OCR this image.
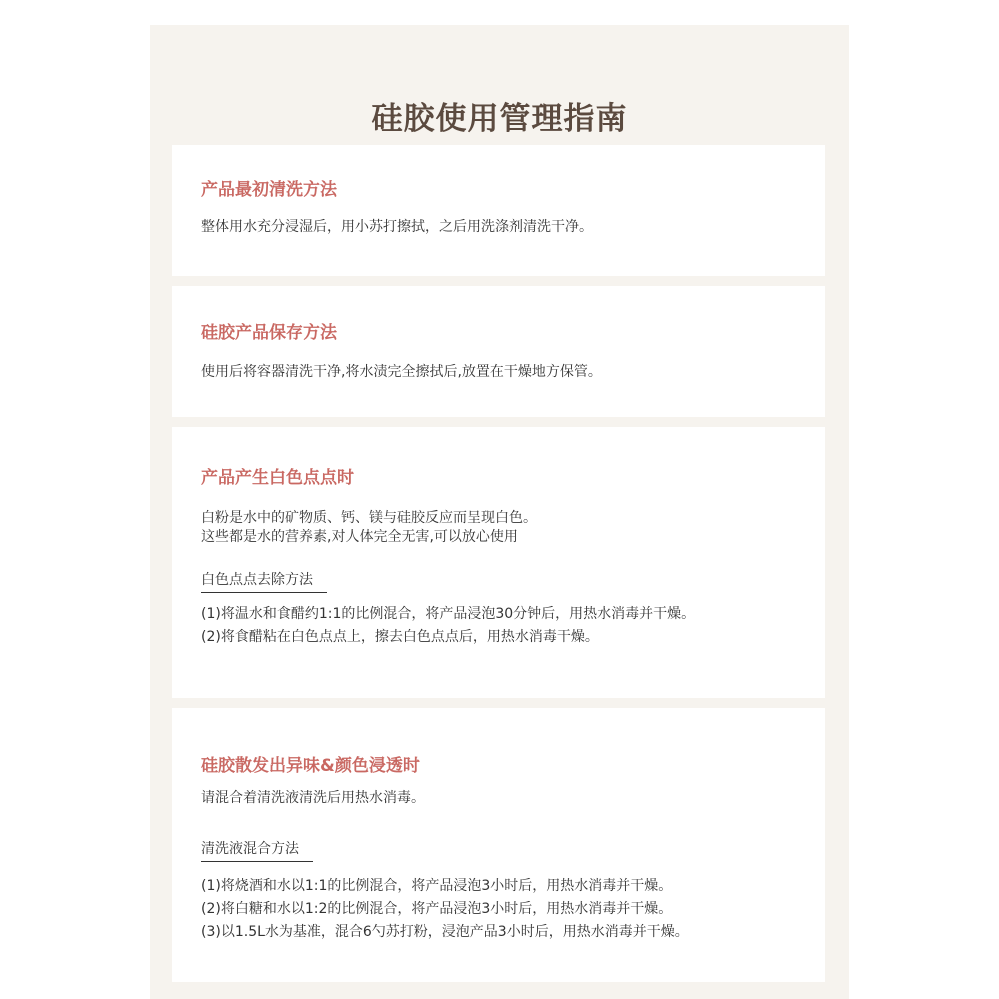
硅胶使用管理指南
产品最初清洗方法
整体用水充分浸湿后，用小苏打擦拭，之后用洗涤剂清洗干净。
硅胶产品保存方法
使用后将容器清洗干净,将水渍完全擦拭后,放置在干燥地方保管。
产品产生白色点点时
白粉是水中的矿物质、钙、镁与硅胶反应而呈现白色。
这些都是水的营养素,对人体完全无害,可以放心使用
白色点点去除方法
(1)将温水和食醋约1:1的比例混合，将产品浸泡30分钟后，用热水消毒并干燥。
(2)将食醋粘在白色点点上，擦去白色点点后，用热水消毒干燥。
硅胶散发出异味&颜色浸透时
请混合着清洗液清洗后用热水消毒。
清洗液混合方法
(1)将烧酒和水以1:1的比例混合，将产品浸泡3小时后，用热水消毒并干燥。
(2)将白糖和水以1:2的比例混合，将产品浸泡3小时后，用热水消毒并干燥。
(3)以1.5L水为基准，混合6勺苏打粉，浸泡产品3小时后，用热水消毒并干燥。
